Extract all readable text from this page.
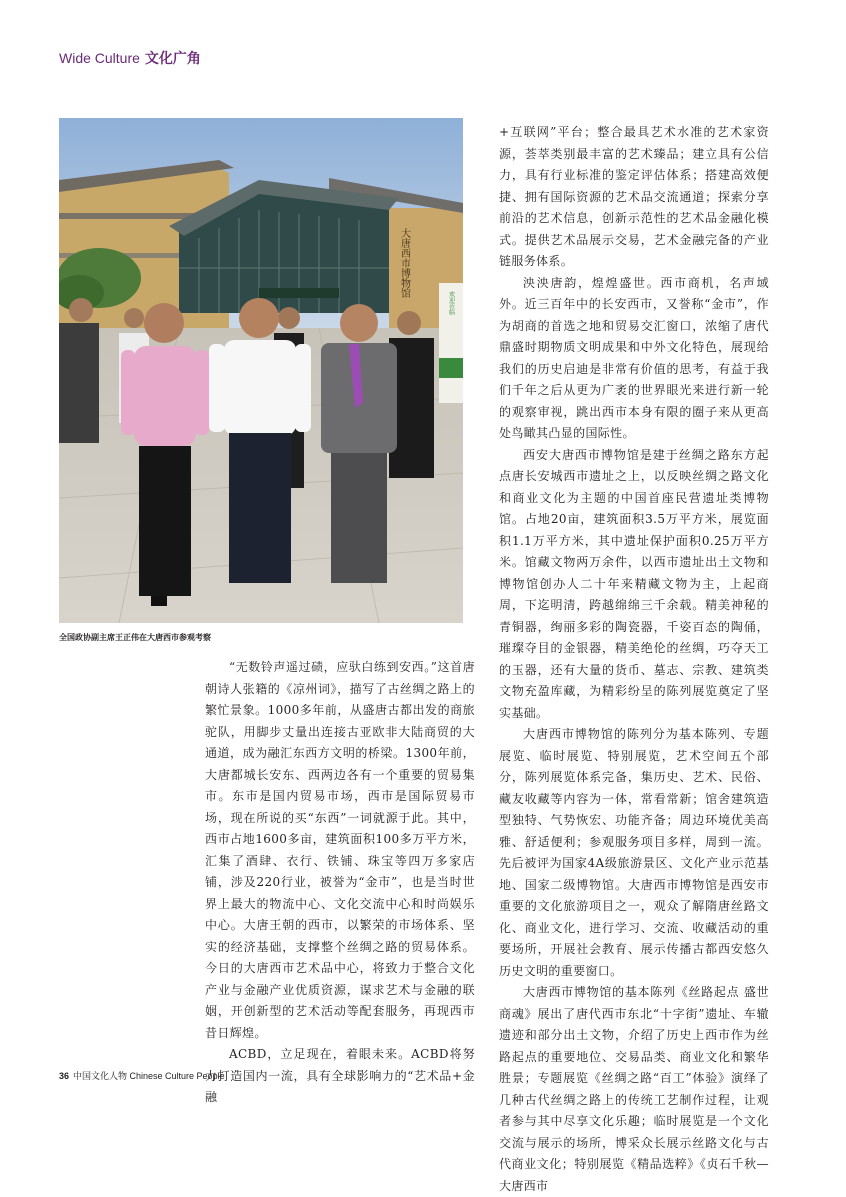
Wide Culture 文化广角
欢迎莅临
大唐西市博物馆
全国政协副主席王正伟在大唐西市参观考察

“无数铃声遥过碛，应驮白练到安西。”这首唐朝诗人张籍的《凉州词》，描写了古丝绸之路上的繁忙景象。1000多年前，从盛唐古都出发的商旅驼队，用脚步丈量出连接古亚欧非大陆商贸的大通道，成为融汇东西方文明的桥梁。1300年前，大唐都城长安东、西两边各有一个重要的贸易集市。东市是国内贸易市场，西市是国际贸易市场，现在所说的买“东西”一词就源于此。其中，西市占地1600多亩，建筑面积100多万平方米，汇集了酒肆、衣行、铁铺、珠宝等四万多家店铺，涉及220行业，被誉为“金市”，也是当时世界上最大的物流中心、文化交流中心和时尚娱乐中心。大唐王朝的西市，以繁荣的市场体系、坚实的经济基础，支撑整个丝绸之路的贸易体系。今日的大唐西市艺术品中心，将致力于整合文化产业与金融产业优质资源，谋求艺术与金融的联姻，开创新型的艺术活动等配套服务，再现西市昔日辉煌。

ACBD，立足现在，着眼未来。ACBD将努力打造国内一流，具有全球影响力的“艺术品+金融

+互联网”平台；整合最具艺术水准的艺术家资源，荟萃类别最丰富的艺术臻品；建立具有公信力，具有行业标准的鉴定评估体系；搭建高效便捷、拥有国际资源的艺术品交流通道；探索分享前沿的艺术信息，创新示范性的艺术品金融化模式。提供艺术品展示交易，艺术金融完备的产业链服务体系。

泱泱唐韵，煌煌盛世。西市商机，名声域外。近三百年中的长安西市，又誉称“金市”，作为胡商的首选之地和贸易交汇窗口，浓缩了唐代鼎盛时期物质文明成果和中外文化特色，展现给我们的历史启迪是非常有价值的思考，有益于我们千年之后从更为广袤的世界眼光来进行新一轮的观察审视，跳出西市本身有限的圈子来从更高处鸟瞰其凸显的国际性。

西安大唐西市博物馆是建于丝绸之路东方起点唐长安城西市遗址之上，以反映丝绸之路文化和商业文化为主题的中国首座民营遗址类博物馆。占地20亩，建筑面积3.5万平方米，展览面积1.1万平方米，其中遗址保护面积0.25万平方米。馆藏文物两万余件，以西市遗址出土文物和博物馆创办人二十年来精藏文物为主，上起商周，下迄明清，跨越绵绵三千余载。精美神秘的青铜器，绚丽多彩的陶瓷器，千姿百态的陶俑，璀璨夺目的金银器，精美绝伦的丝绸，巧夺天工的玉器，还有大量的货币、墓志、宗教、建筑类文物充盈库藏，为精彩纷呈的陈列展览奠定了坚实基础。

大唐西市博物馆的陈列分为基本陈列、专题展览、临时展览、特别展览，艺术空间五个部分，陈列展览体系完备，集历史、艺术、民俗、藏友收藏等内容为一体，常看常新；馆舍建筑造型独特、气势恢宏、功能齐备；周边环境优美高雅、舒适便利；参观服务项目多样，周到一流。先后被评为国家4A级旅游景区、文化产业示范基地、国家二级博物馆。大唐西市博物馆是西安市重要的文化旅游项目之一，观众了解隋唐丝路文化、商业文化，进行学习、交流、收藏活动的重要场所，开展社会教育、展示传播古都西安悠久历史文明的重要窗口。

大唐西市博物馆的基本陈列《丝路起点 盛世商魂》展出了唐代西市东北“十字街”遗址、车辙遗迹和部分出土文物，介绍了历史上西市作为丝路起点的重要地位、交易品类、商业文化和繁华胜景；专题展览《丝绸之路“百工”体验》演绎了几种古代丝绸之路上的传统工艺制作过程，让观者参与其中尽享文化乐趣；临时展览是一个文化交流与展示的场所，博采众长展示丝路文化与古代商业文化；特别展览《精品选粹》《贞石千秋—大唐西市

36 中国文化人物 Chinese Culture People
